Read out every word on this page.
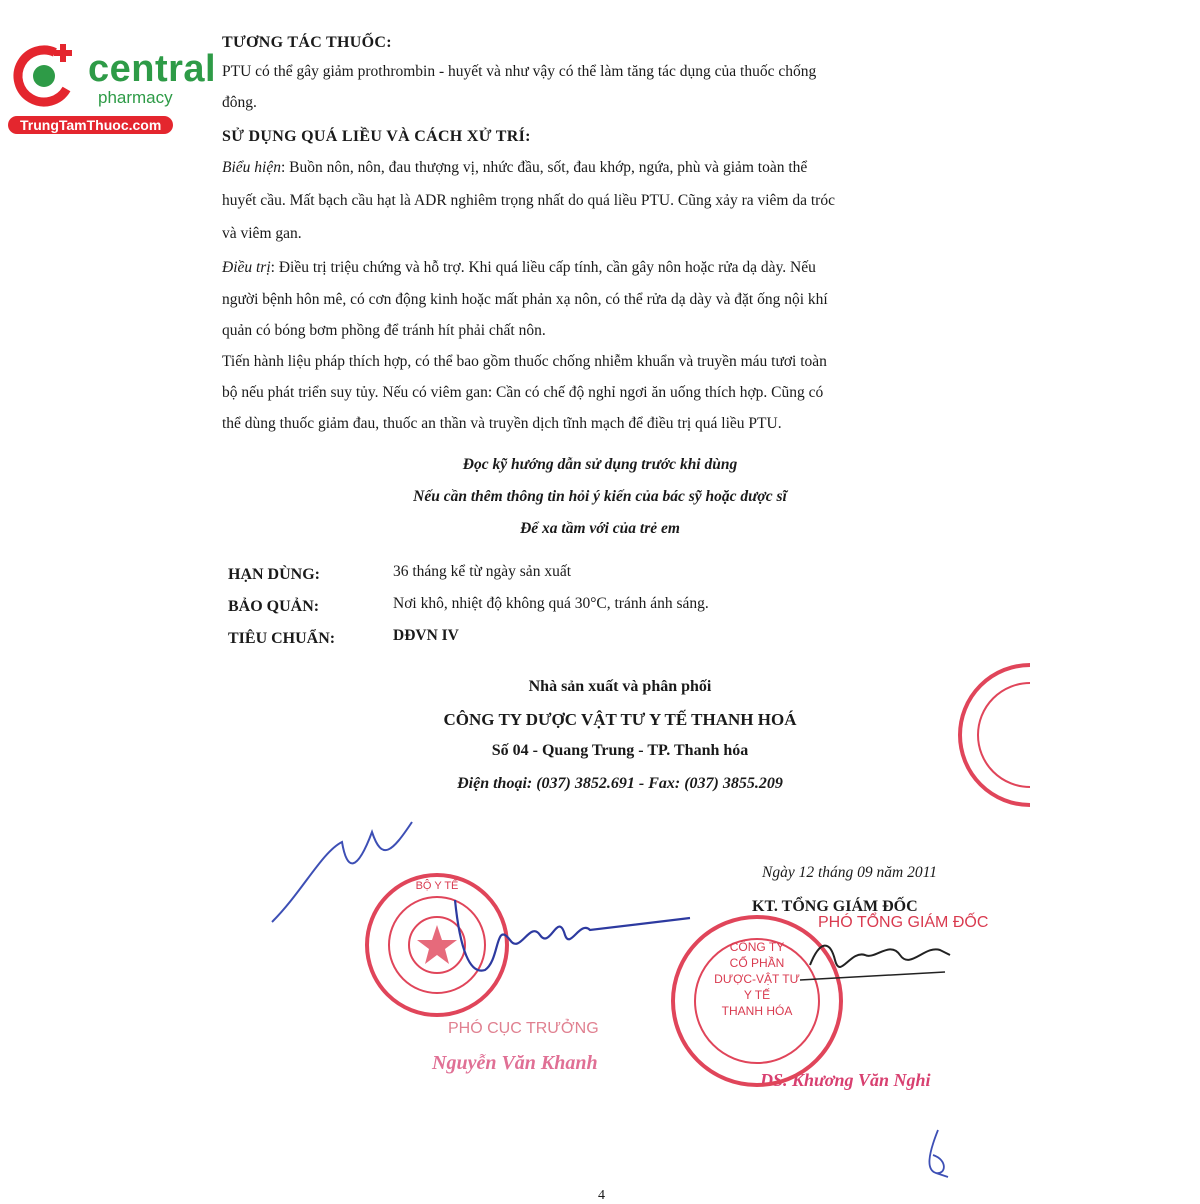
central
pharmacy
TrungTamThuoc.com
TƯƠNG TÁC THUỐC:
PTU có thể gây giảm prothrombin - huyết và như vậy có thể làm tăng tác dụng của thuốc chống
đông.
SỬ DỤNG QUÁ LIỀU VÀ CÁCH XỬ TRÍ:
Biểu hiện: Buồn nôn, nôn, đau thượng vị, nhức đầu, sốt, đau khớp, ngứa, phù và giảm toàn thể
huyết cầu. Mất bạch cầu hạt là ADR nghiêm trọng nhất do quá liều PTU. Cũng xảy ra viêm da tróc
và viêm gan.
Điều trị: Điều trị triệu chứng và hỗ trợ. Khi quá liều cấp tính, cần gây nôn hoặc rửa dạ dày. Nếu
người bệnh hôn mê, có cơn động kinh hoặc mất phản xạ nôn, có thể rửa dạ dày và đặt ống nội khí
quản có bóng bơm phồng để tránh hít phải chất nôn.
Tiến hành liệu pháp thích hợp, có thể bao gồm thuốc chống nhiễm khuẩn và truyền máu tươi toàn
bộ nếu phát triển suy tủy. Nếu có viêm gan: Cần có chế độ nghỉ ngơi ăn uống thích hợp. Cũng có
thể dùng thuốc giảm đau, thuốc an thần và truyền dịch tĩnh mạch để điều trị quá liều PTU.
Đọc kỹ hướng dẫn sử dụng trước khi dùng
Nếu cần thêm thông tin hỏi ý kiến của bác sỹ hoặc dược sĩ
Để xa tầm với của trẻ em
HẠN DÙNG:	36 tháng kể từ ngày sản xuất
BẢO QUẢN:	Nơi khô, nhiệt độ không quá 30°C, tránh ánh sáng.
TIÊU CHUẨN:	DĐVN IV
Nhà sản xuất và phân phối
CÔNG TY DƯỢC VẬT TƯ Y TẾ THANH HOÁ
Số 04 - Quang Trung - TP. Thanh hóa
Điện thoại: (037) 3852.691 - Fax: (037) 3855.209
Ngày 12 tháng 09 năm 2011
KT. TỔNG GIÁM ĐỐC
PHÓ TỔNG GIÁM ĐỐC
DS. Khương Văn Nghi
CÔNG TY
CỔ PHẦN
DƯỢC-VẬT TƯ
Y TẾ
THANH HÓA
BỘ Y TẾ
PHÓ CỤC TRƯỞNG
Nguyễn Văn Khanh
4
